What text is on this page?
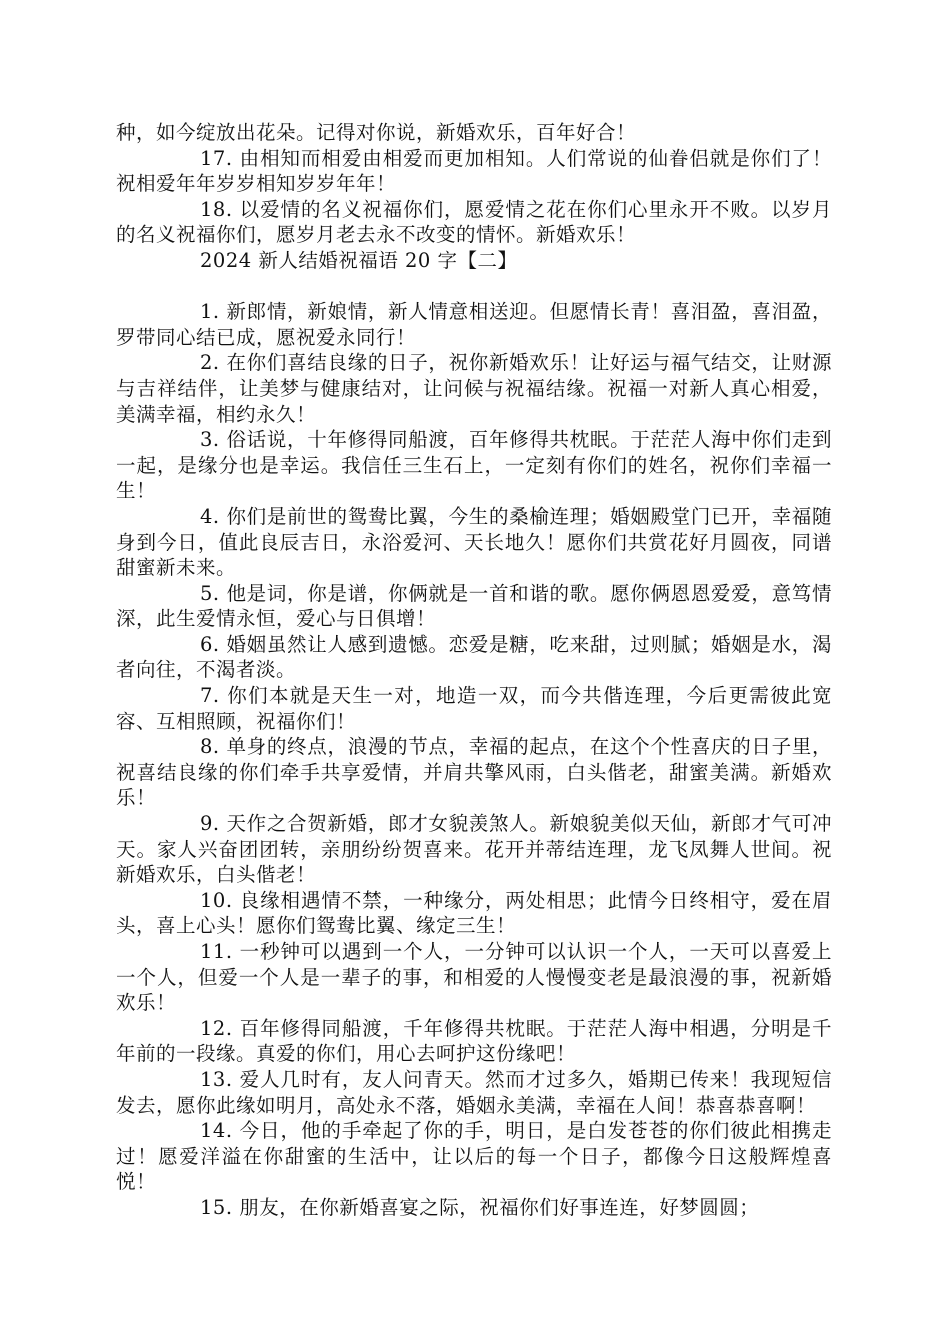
种，如今绽放出花朵。记得对你说，新婚欢乐，百年好合！

17. 由相知而相爱由相爱而更加相知。人们常说的仙眷侣就是你们了！祝相爱年年岁岁相知岁岁年年！

18. 以爱情的名义祝福你们，愿爱情之花在你们心里永开不败。以岁月的名义祝福你们，愿岁月老去永不改变的情怀。新婚欢乐！

2024 新人结婚祝福语 20 字【二】

1. 新郎情，新娘情，新人情意相送迎。但愿情长青！喜泪盈，喜泪盈，罗带同心结已成，愿祝爱永同行！

2. 在你们喜结良缘的日子，祝你新婚欢乐！让好运与福气结交，让财源与吉祥结伴，让美梦与健康结对，让问候与祝福结缘。祝福一对新人真心相爱，美满幸福，相约永久！

3. 俗话说，十年修得同船渡，百年修得共枕眠。于茫茫人海中你们走到一起，是缘分也是幸运。我信任三生石上，一定刻有你们的姓名，祝你们幸福一生！

4. 你们是前世的鸳鸯比翼，今生的桑榆连理；婚姻殿堂门已开，幸福随身到今日，值此良辰吉日，永浴爱河、天长地久！愿你们共赏花好月圆夜，同谱甜蜜新未来。

5. 他是词，你是谱，你俩就是一首和谐的歌。愿你俩恩恩爱爱，意笃情深，此生爱情永恒，爱心与日俱增！

6. 婚姻虽然让人感到遗憾。恋爱是糖，吃来甜，过则腻；婚姻是水，渴者向往，不渴者淡。

7. 你们本就是天生一对，地造一双，而今共偕连理，今后更需彼此宽容、互相照顾，祝福你们！

8. 单身的终点，浪漫的节点，幸福的起点，在这个个性喜庆的日子里，祝喜结良缘的你们牵手共享爱情，并肩共擎风雨，白头偕老，甜蜜美满。新婚欢乐！

9. 天作之合贺新婚，郎才女貌羡煞人。新娘貌美似天仙，新郎才气可冲天。家人兴奋团团转，亲朋纷纷贺喜来。花开并蒂结连理，龙飞凤舞人世间。祝新婚欢乐，白头偕老！

10. 良缘相遇情不禁，一种缘分，两处相思；此情今日终相守，爱在眉头，喜上心头！愿你们鸳鸯比翼、缘定三生！

11. 一秒钟可以遇到一个人，一分钟可以认识一个人，一天可以喜爱上一个人，但爱一个人是一辈子的事，和相爱的人慢慢变老是最浪漫的事，祝新婚欢乐！

12. 百年修得同船渡，千年修得共枕眠。于茫茫人海中相遇，分明是千年前的一段缘。真爱的你们，用心去呵护这份缘吧！

13. 爱人几时有，友人问青天。然而才过多久，婚期已传来！我现短信发去，愿你此缘如明月，高处永不落，婚姻永美满，幸福在人间！恭喜恭喜啊！

14. 今日，他的手牵起了你的手，明日，是白发苍苍的你们彼此相携走过！愿爱洋溢在你甜蜜的生活中，让以后的每一个日子，都像今日这般辉煌喜悦！

15. 朋友，在你新婚喜宴之际，祝福你们好事连连，好梦圆圆；
